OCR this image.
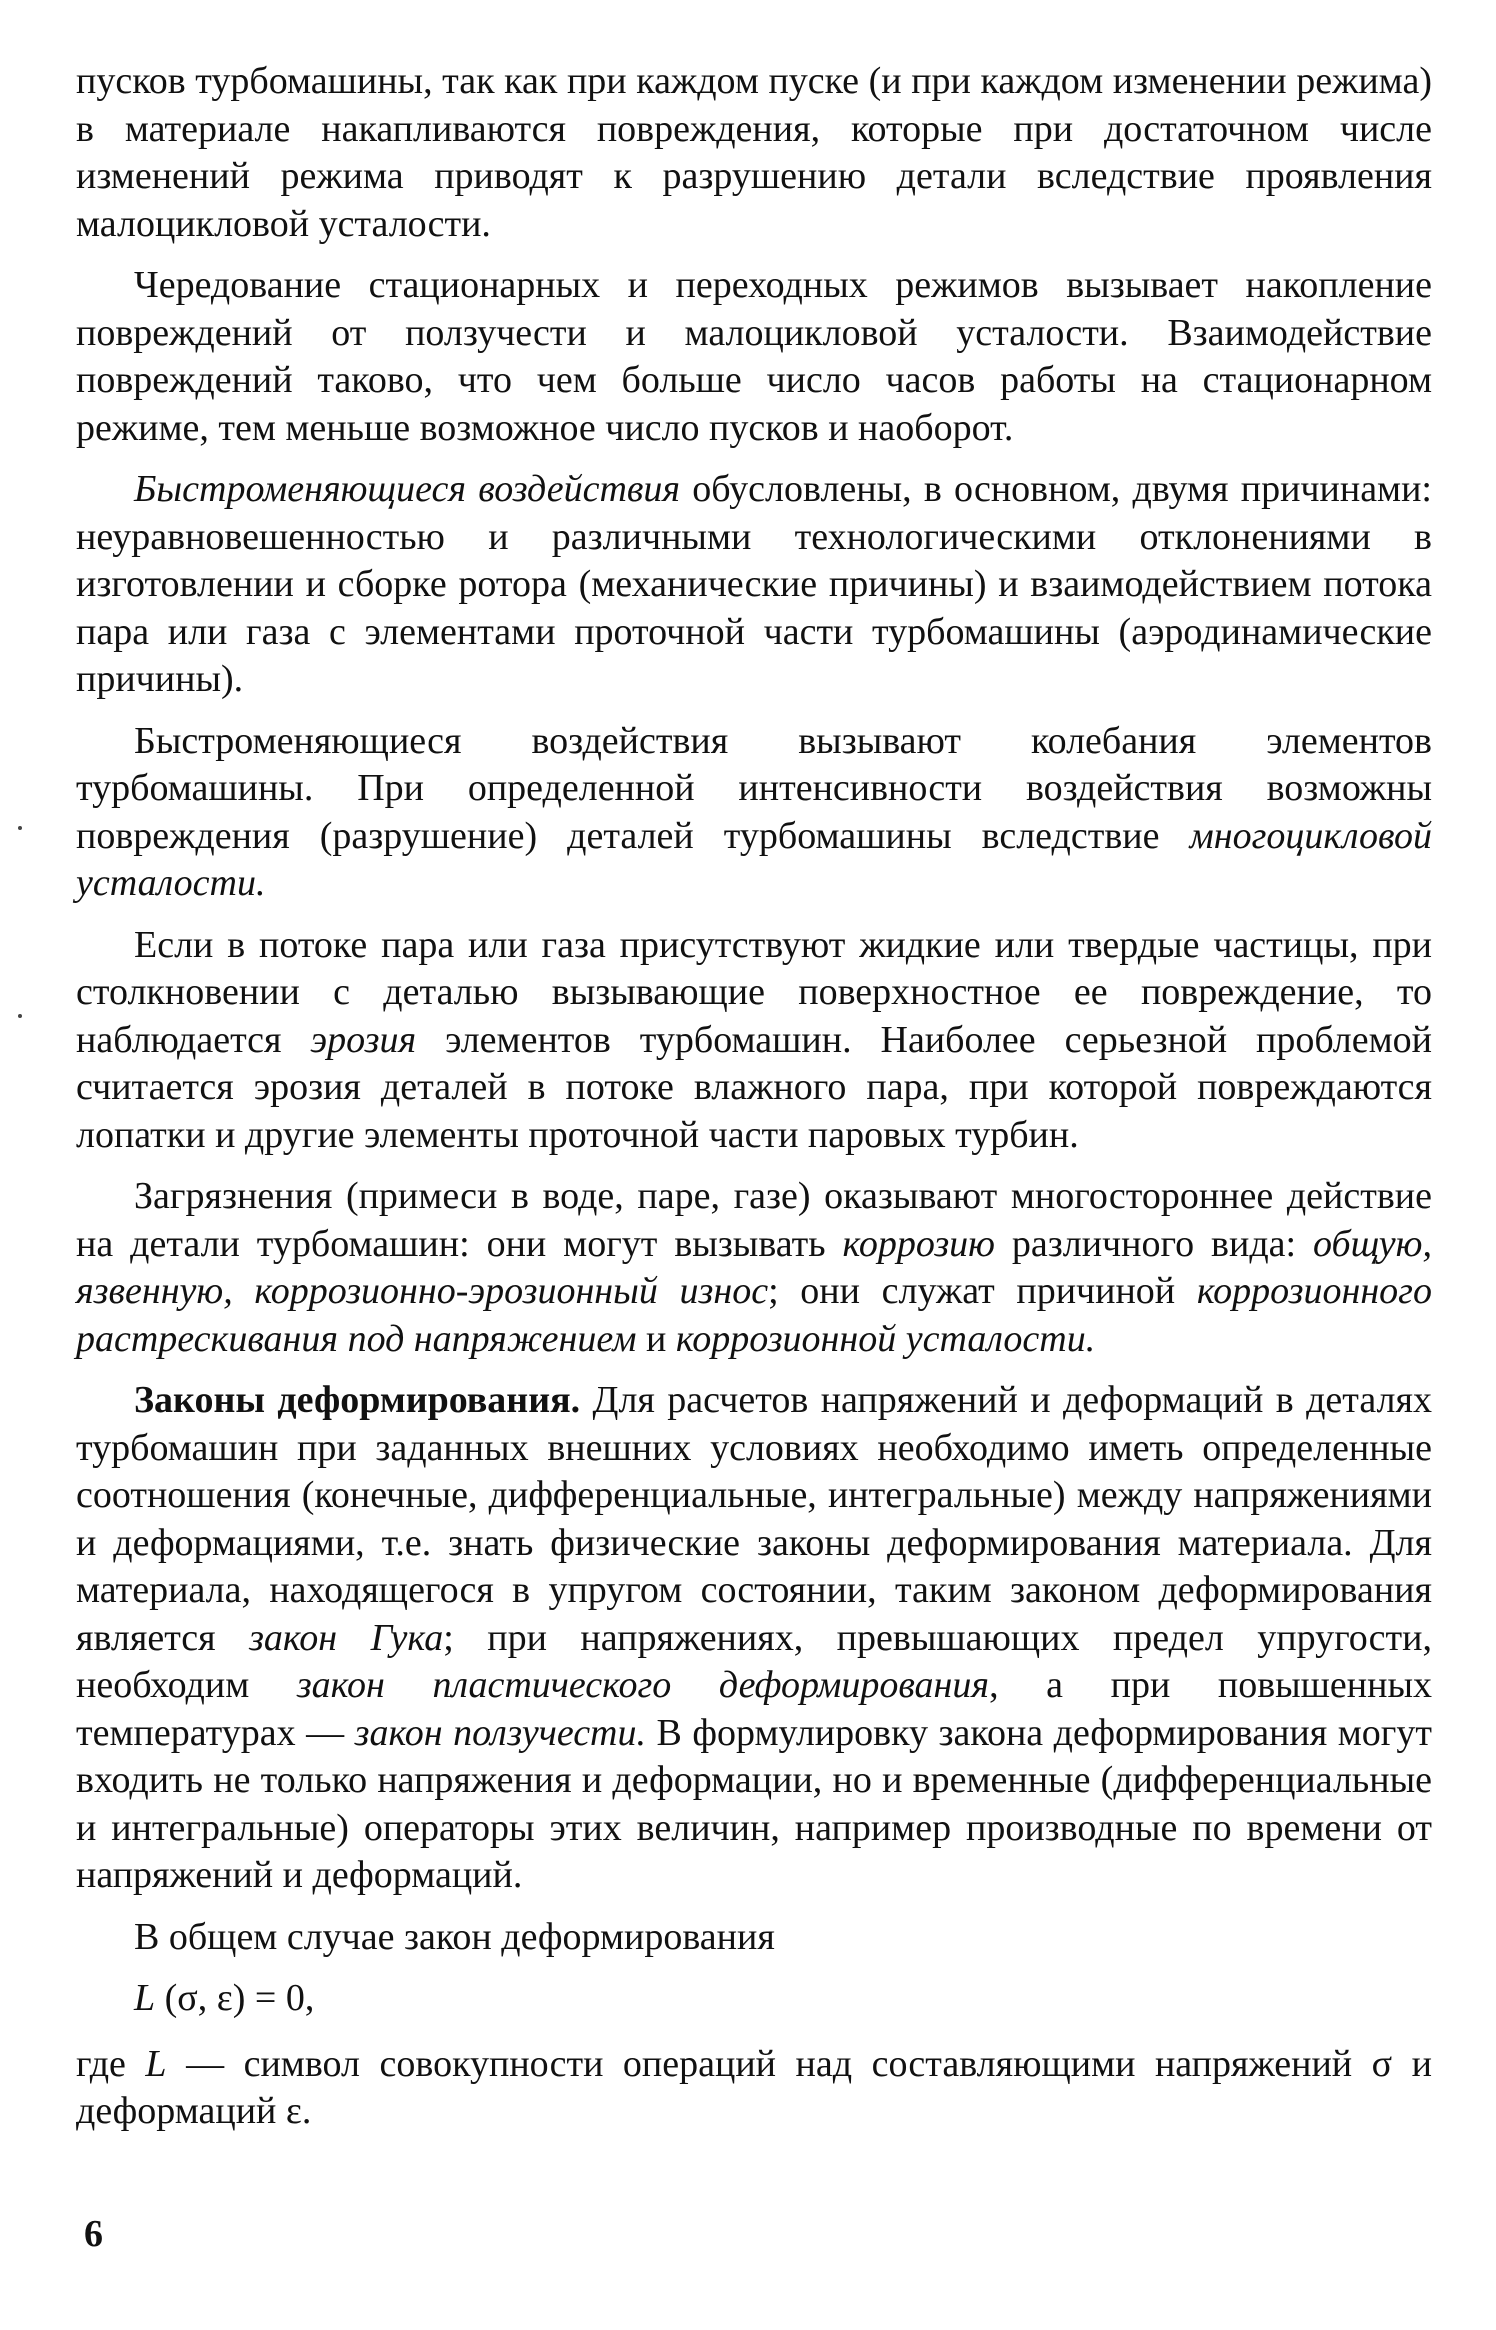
пусков турбомашины, так как при каждом пуске (и при каждом изменении режима) в материале накапливаются повреждения, которые при достаточном числе изменений режима приводят к разрушению детали вследствие проявления малоцикловой усталости.

Чередование стационарных и переходных режимов вызывает накопление повреждений от ползучести и малоцикловой усталости. Взаимодействие повреждений таково, что чем больше число часов работы на стационарном режиме, тем меньше возможное число пусков и наоборот.

Быстроменяющиеся воздействия обусловлены, в основном, двумя причинами: неуравновешенностью и различными технологическими отклонениями в изготовлении и сборке ротора (механические причины) и взаимодействием потока пара или газа с элементами проточной части турбомашины (аэродинамические причины).

Быстроменяющиеся воздействия вызывают колебания элементов турбомашины. При определенной интенсивности воздействия возможны повреждения (разрушение) деталей турбомашины вследствие многоцикловой усталости.

Если в потоке пара или газа присутствуют жидкие или твердые частицы, при столкновении с деталью вызывающие поверхностное ее повреждение, то наблюдается эрозия элементов турбомашин. Наиболее серьезной проблемой считается эрозия деталей в потоке влажного пара, при которой повреждаются лопатки и другие элементы проточной части паровых турбин.

Загрязнения (примеси в воде, паре, газе) оказывают многостороннее действие на детали турбомашин: они могут вызывать коррозию различного вида: общую, язвенную, коррозионно-эрозионный износ; они служат причиной коррозионного растрескивания под напряжением и коррозионной усталости.

Законы деформирования. Для расчетов напряжений и деформаций в деталях турбомашин при заданных внешних условиях необходимо иметь определенные соотношения (конечные, дифференциальные, интегральные) между напряжениями и деформациями, т.е. знать физические законы деформирования материала. Для материала, находящегося в упругом состоянии, таким законом деформирования является закон Гука; при напряжениях, превышающих предел упругости, необходим закон пластического деформирования, а при повышенных температурах — закон ползучести. В формулировку закона деформирования могут входить не только напряжения и деформации, но и временные (дифференциальные и интегральные) операторы этих величин, например производные по времени от напряжений и деформаций.

В общем случае закон деформирования

L (σ, ε) = 0,

где L — символ совокупности операций над составляющими напряжений σ и деформаций ε.

6
